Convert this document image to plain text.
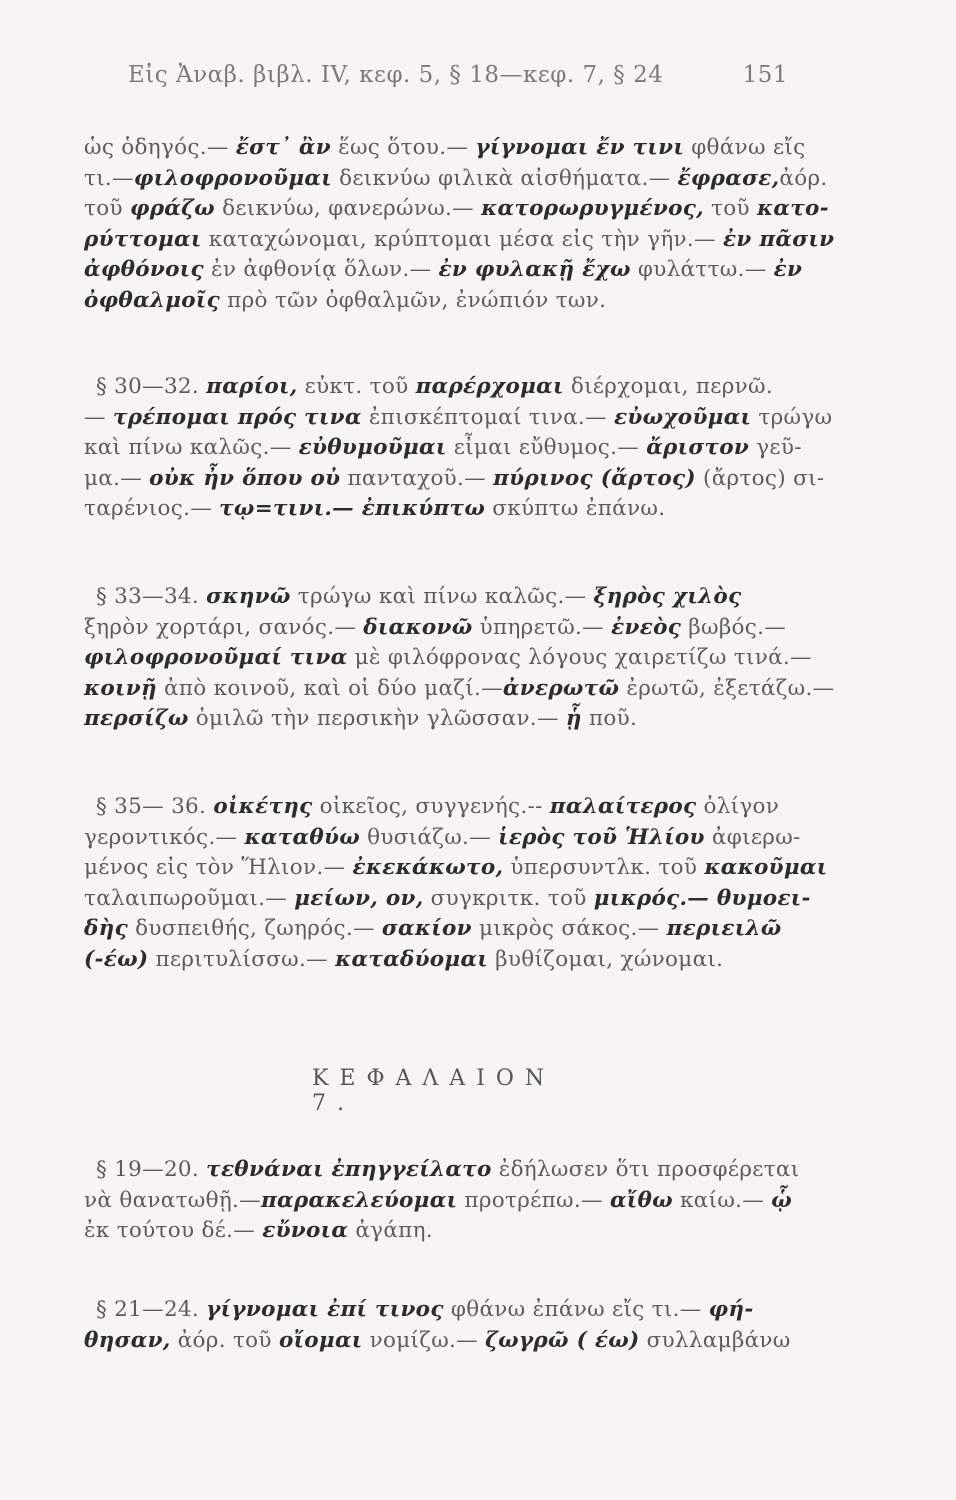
Εἰς Ἀναβ. βιβλ. IV, κεφ. 5, § 18—κεφ. 7, § 24	151
ὡς ὁδηγός.— ἔστ᾽ ἂν ἕως ὅτου.— γίγνομαι ἔν τινι φθάνω εἴς
τι.—φιλοφρονοῦμαι δεικνύω φιλικὰ αἰσθήματα.— ἔφρασε,ἀόρ.
τοῦ φράζω δεικνύω, φανερώνω.— κατορωρυγμένος, τοῦ κατο-
ρύττομαι καταχώνομαι, κρύπτομαι μέσα εἰς τὴν γῆν.— ἐν πᾶσιν
ἀφθόνοις ἐν ἀφθονίᾳ ὅλων.— ἐν φυλακῇ ἔχω φυλάττω.— ἐν
ὀφθαλμοῖς πρὸ τῶν ὀφθαλμῶν, ἐνώπιόν των.
§ 30—32. παρίοι, εὐκτ. τοῦ παρέρχομαι διέρχομαι, περνῶ.
— τρέπομαι πρός τινα ἐπισκέπτομαί τινα.— εὐωχοῦμαι τρώγω
καὶ πίνω καλῶς.— εὐθυμοῦμαι εἶμαι εὔθυμος.— ἄριστον γεῦ-
μα.— οὐκ ἦν ὅπου οὐ πανταχοῦ.— πύρινος (ἄρτος) (ἄρτος) σι-
ταρένιος.— τῳ=τινι.— ἐπικύπτω σκύπτω ἐπάνω.
§ 33—34. σκηνῶ τρώγω καὶ πίνω καλῶς.— ξηρὸς χιλὸς
ξηρὸν χορτάρι, σανός.— διακονῶ ὑπηρετῶ.— ἐνεὸς βωβός.—
φιλοφρονοῦμαί τινα μὲ φιλόφρονας λόγους χαιρετίζω τινά.—
κοινῇ ἀπὸ κοινοῦ, καὶ οἱ δύο μαζί.—ἀνερωτῶ ἐρωτῶ, ἐξετάζω.—
περσίζω ὁμιλῶ τὴν περσικὴν γλῶσσαν.— ᾗ ποῦ.
§ 35— 36. οἰκέτης οἰκεῖος, συγγενής.-- παλαίτερος ὀλίγον
γεροντικός.— καταθύω θυσιάζω.— ἱερὸς τοῦ Ἡλίου ἀφιερω-
μένος εἰς τὸν Ἥλιον.— ἐκεκάκωτο, ὑπερσυντλκ. τοῦ κακοῦμαι
ταλαιπωροῦμαι.— μείων, ον, συγκριτκ. τοῦ μικρός.— θυμοει-
δὴς δυσπειθής, ζωηρός.— σακίον μικρὸς σάκος.— περιειλῶ
(-έω) περιτυλίσσω.— καταδύομαι βυθίζομαι, χώνομαι.
ΚΕΦΑΛΑΙΟΝ 7.
§ 19—20. τεθνάναι ἐπηγγείλατο ἐδήλωσεν ὅτι προσφέρεται
νὰ θανατωθῇ.—παρακελεύομαι προτρέπω.— αἴθω καίω.— ᾧ
ἐκ τούτου δέ.— εὔνοια ἀγάπη.
§ 21—24. γίγνομαι ἐπί τινος φθάνω ἐπάνω εἴς τι.— φή-
θησαν, ἀόρ. τοῦ οἴομαι νομίζω.— ζωγρῶ ( έω) συλλαμβάνω
